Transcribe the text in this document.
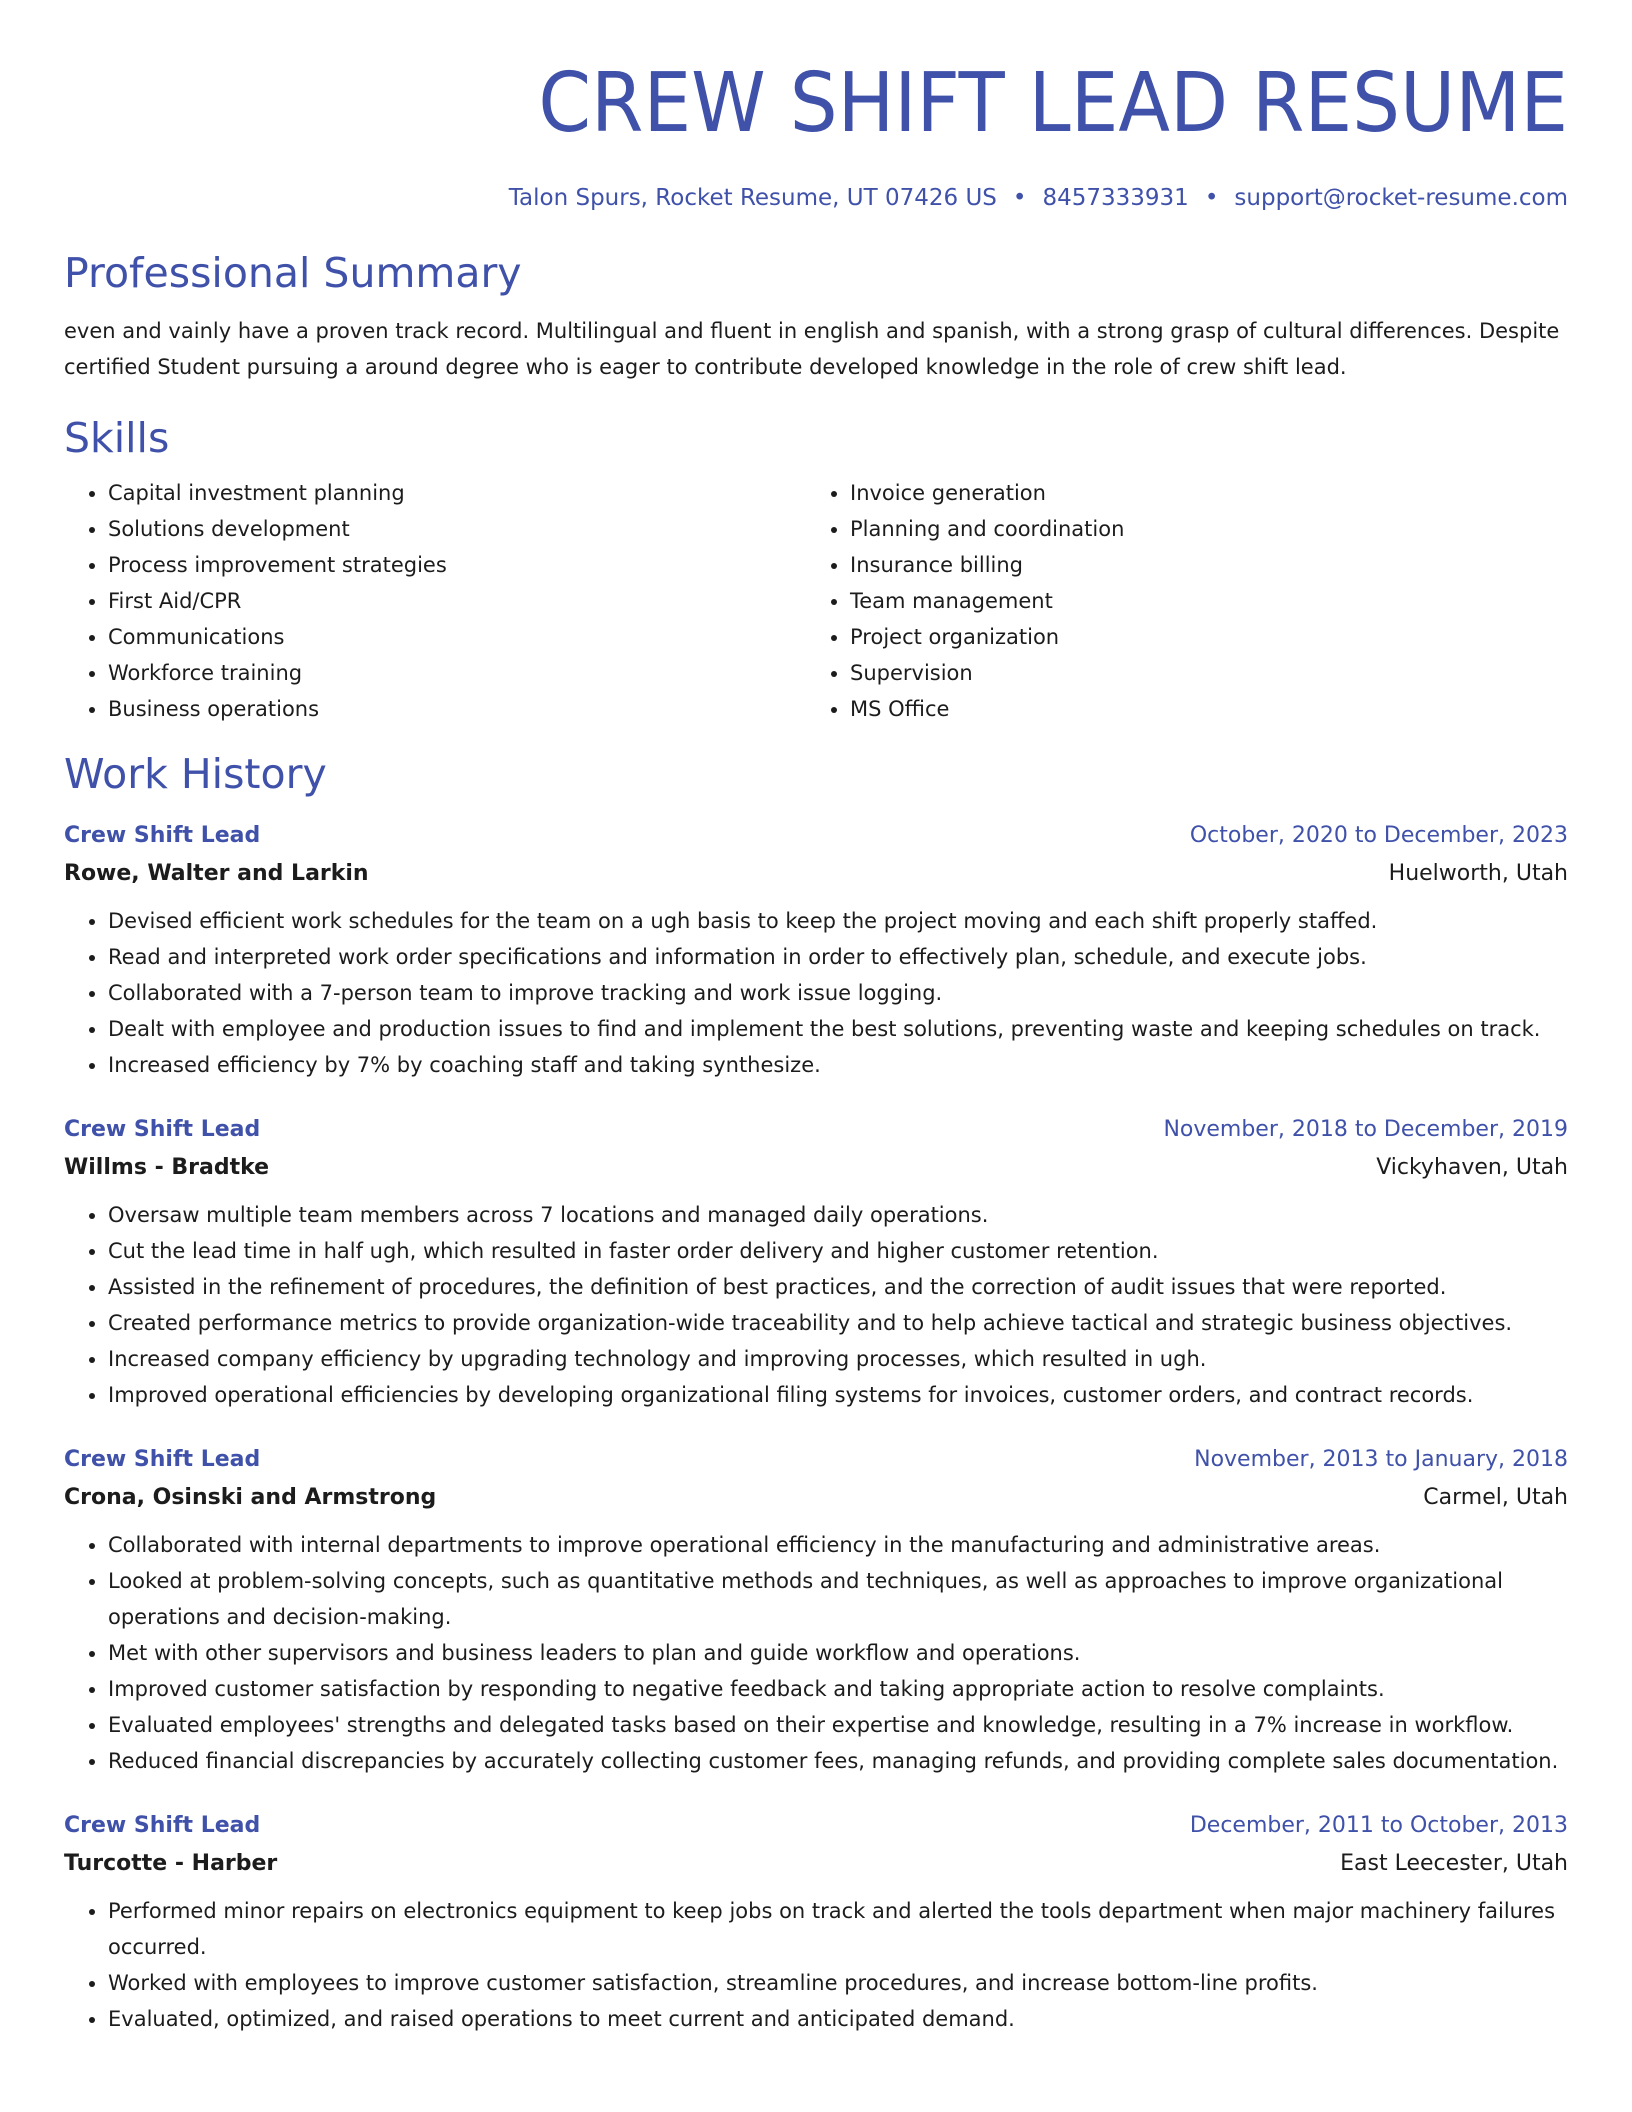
CREW SHIFT LEAD RESUME
Talon Spurs, Rocket Resume, UT 07426 US • 8457333931 • support@rocket-resume.com
Professional Summary
even and vainly have a proven track record. Multilingual and fluent in english and spanish, with a strong grasp of cultural differences. Despite certified Student pursuing a around degree who is eager to contribute developed knowledge in the role of crew shift lead.
Skills
• Capital investment planning
• Solutions development
• Process improvement strategies
• First Aid/CPR
• Communications
• Workforce training
• Business operations
• Invoice generation
• Planning and coordination
• Insurance billing
• Team management
• Project organization
• Supervision
• MS Office
Work History
Crew Shift Lead	October, 2020 to December, 2023
Rowe, Walter and Larkin	Huelworth, Utah
• Devised efficient work schedules for the team on a ugh basis to keep the project moving and each shift properly staffed.
• Read and interpreted work order specifications and information in order to effectively plan, schedule, and execute jobs.
• Collaborated with a 7-person team to improve tracking and work issue logging.
• Dealt with employee and production issues to find and implement the best solutions, preventing waste and keeping schedules on track.
• Increased efficiency by 7% by coaching staff and taking synthesize.
Crew Shift Lead	November, 2018 to December, 2019
Willms - Bradtke	Vickyhaven, Utah
• Oversaw multiple team members across 7 locations and managed daily operations.
• Cut the lead time in half ugh, which resulted in faster order delivery and higher customer retention.
• Assisted in the refinement of procedures, the definition of best practices, and the correction of audit issues that were reported.
• Created performance metrics to provide organization-wide traceability and to help achieve tactical and strategic business objectives.
• Increased company efficiency by upgrading technology and improving processes, which resulted in ugh.
• Improved operational efficiencies by developing organizational filing systems for invoices, customer orders, and contract records.
Crew Shift Lead	November, 2013 to January, 2018
Crona, Osinski and Armstrong	Carmel, Utah
• Collaborated with internal departments to improve operational efficiency in the manufacturing and administrative areas.
• Looked at problem-solving concepts, such as quantitative methods and techniques, as well as approaches to improve organizational operations and decision-making.
• Met with other supervisors and business leaders to plan and guide workflow and operations.
• Improved customer satisfaction by responding to negative feedback and taking appropriate action to resolve complaints.
• Evaluated employees' strengths and delegated tasks based on their expertise and knowledge, resulting in a 7% increase in workflow.
• Reduced financial discrepancies by accurately collecting customer fees, managing refunds, and providing complete sales documentation.
Crew Shift Lead	December, 2011 to October, 2013
Turcotte - Harber	East Leecester, Utah
• Performed minor repairs on electronics equipment to keep jobs on track and alerted the tools department when major machinery failures occurred.
• Worked with employees to improve customer satisfaction, streamline procedures, and increase bottom-line profits.
• Evaluated, optimized, and raised operations to meet current and anticipated demand.
